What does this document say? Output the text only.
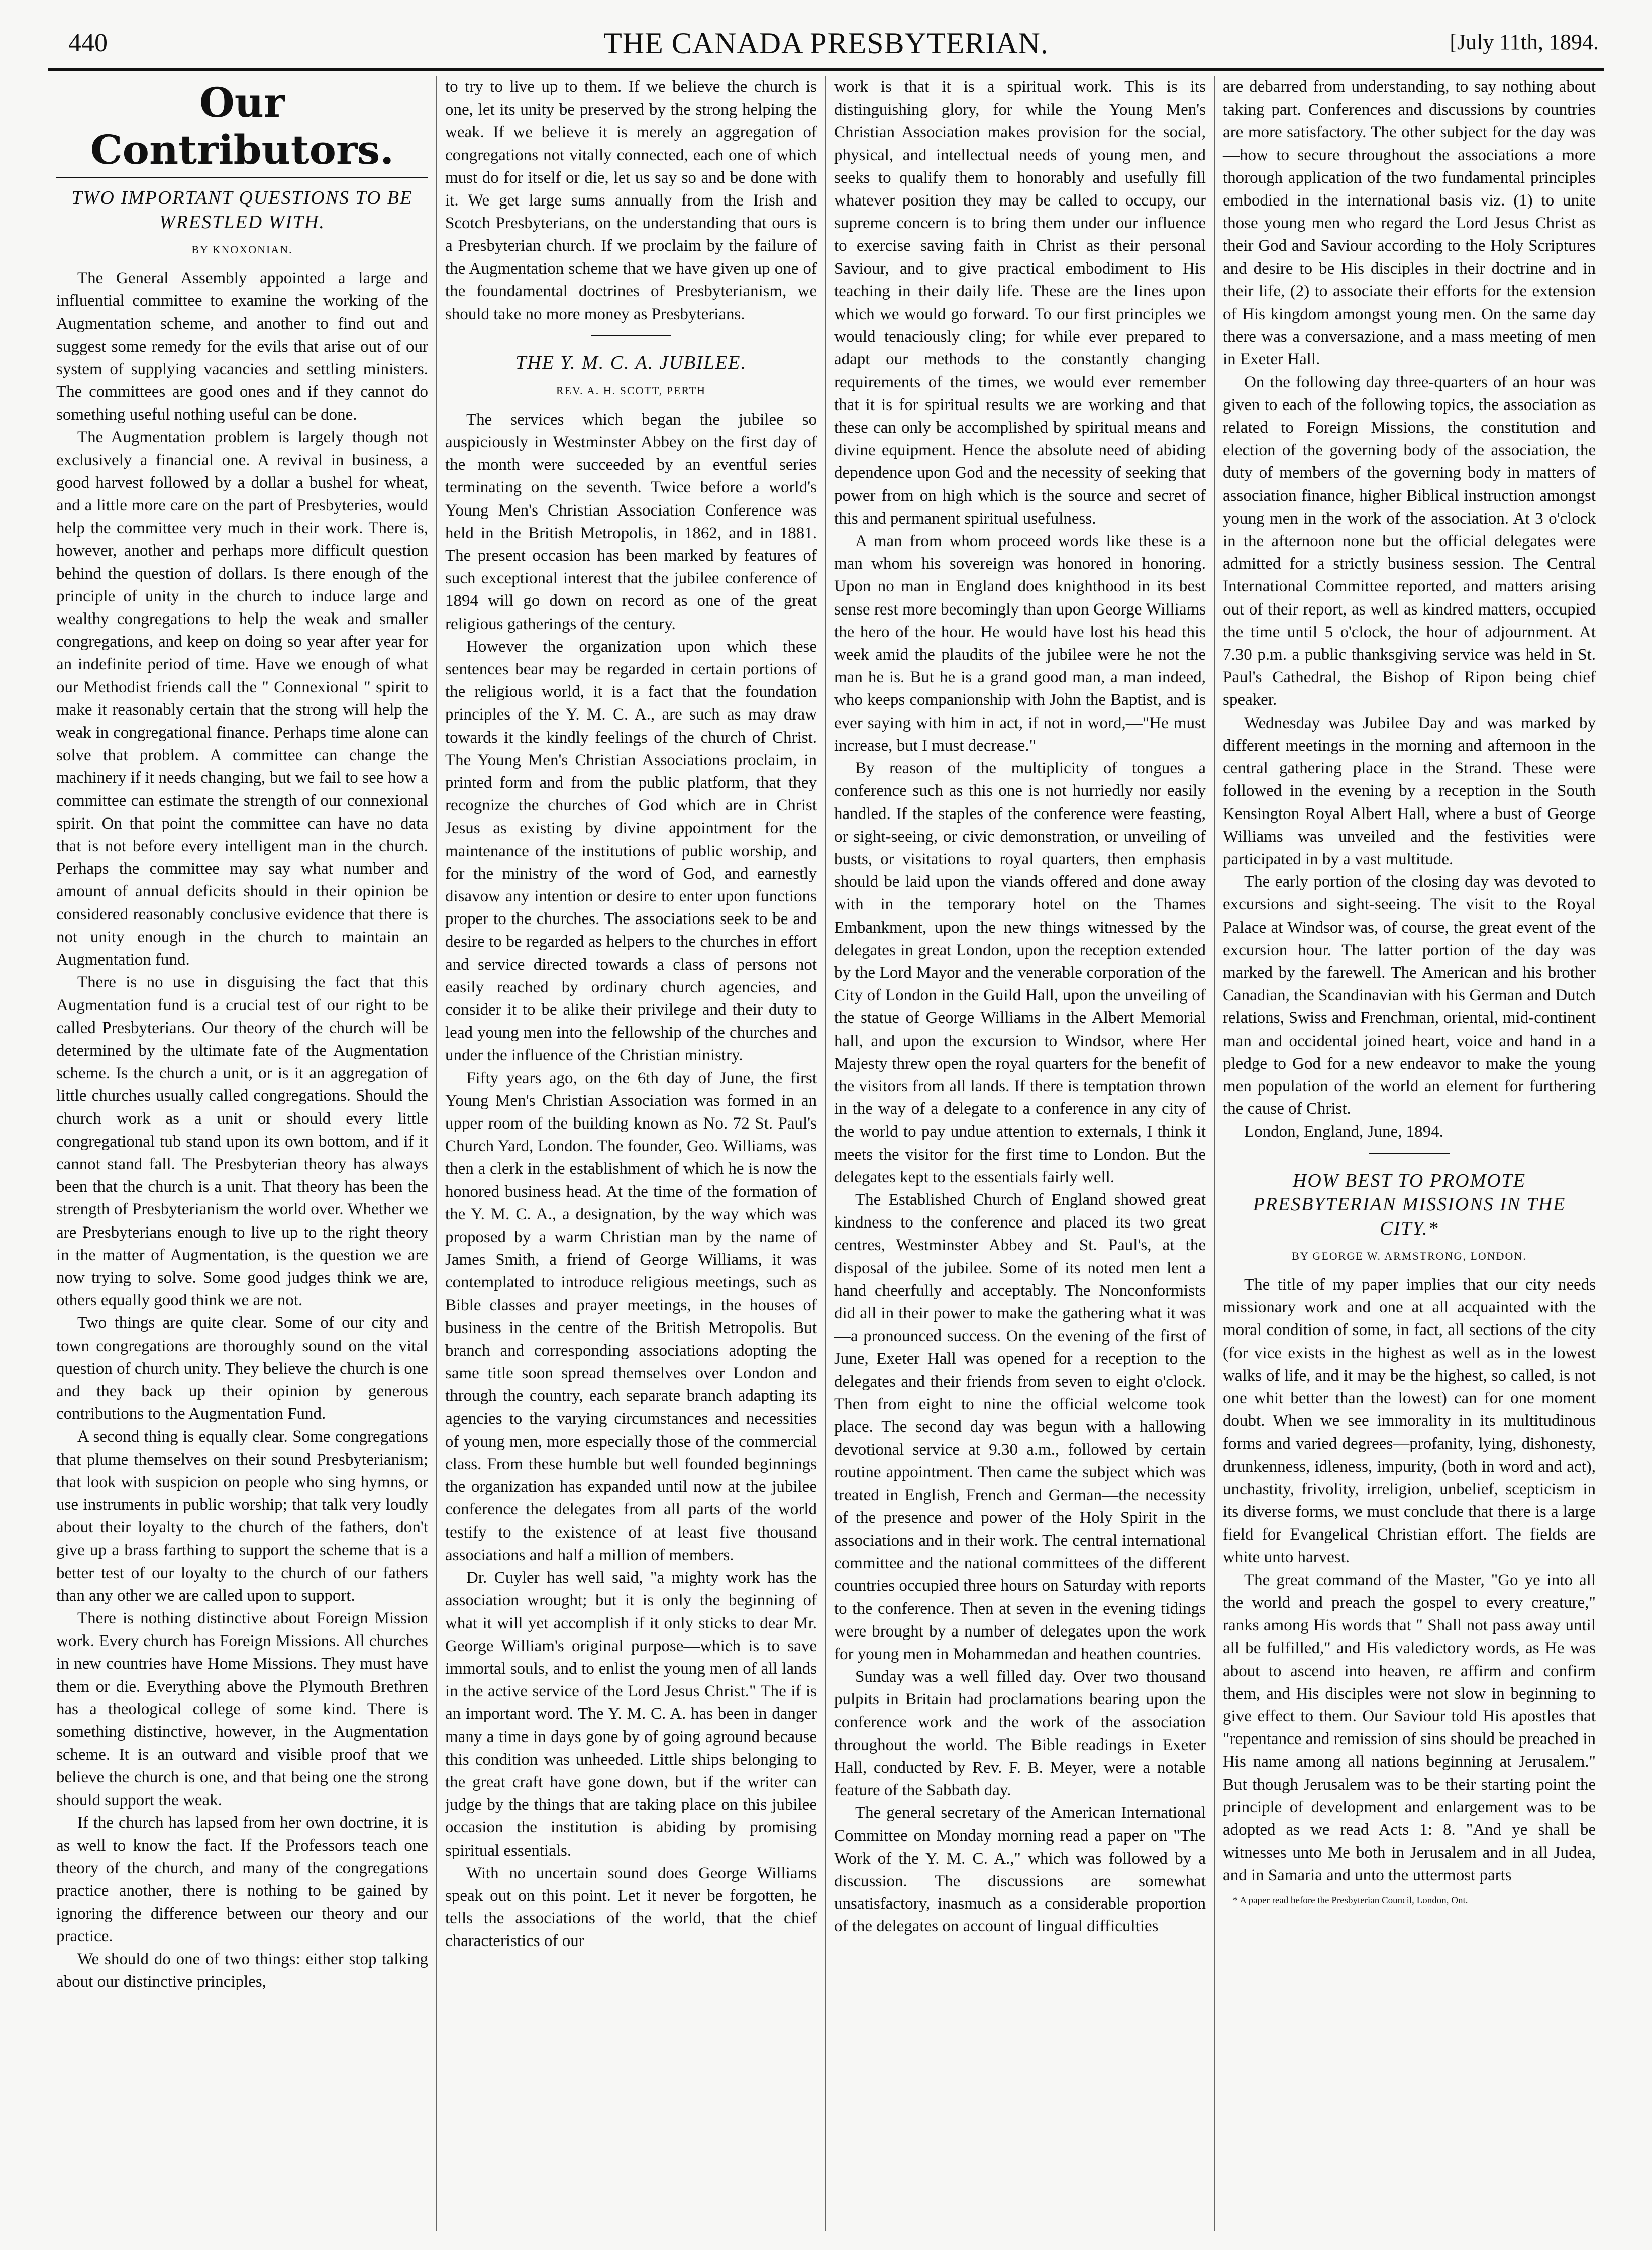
440	THE CANADA PRESBYTERIAN.	[July 11th, 1894.
Our Contributors.
TWO IMPORTANT QUESTIONS TO BE WRESTLED WITH.
BY KNOXONIAN.

The General Assembly appointed a large and influential committee to examine the working of the Augmentation scheme, and another to find out and suggest some remedy for the evils that arise out of our system of supplying vacancies and settling ministers. The committees are good ones and if they cannot do something useful nothing useful can be done.

The Augmentation problem is largely though not exclusively a financial one. A revival in business, a good harvest followed by a dollar a bushel for wheat, and a little more care on the part of Presbyteries, would help the committee very much in their work. There is, however, another and perhaps more difficult question behind the question of dollars. Is there enough of the principle of unity in the church to induce large and wealthy congregations to help the weak and smaller congregations, and keep on doing so year after year for an indefinite period of time. Have we enough of what our Methodist friends call the " Connexional " spirit to make it reasonably certain that the strong will help the weak in congregational finance. Perhaps time alone can solve that problem. A committee can change the machinery if it needs changing, but we fail to see how a committee can estimate the strength of our connexional spirit. On that point the committee can have no data that is not before every intelligent man in the church. Perhaps the committee may say what number and amount of annual deficits should in their opinion be considered reasonably conclusive evidence that there is not unity enough in the church to maintain an Augmentation fund.

There is no use in disguising the fact that this Augmentation fund is a crucial test of our right to be called Presbyterians. Our theory of the church will be determined by the ultimate fate of the Augmentation scheme. Is the church a unit, or is it an aggregation of little churches usually called congregations. Should the church work as a unit or should every little congregational tub stand upon its own bottom, and if it cannot stand fall. The Presbyterian theory has always been that the church is a unit. That theory has been the strength of Presbyterianism the world over. Whether we are Presbyterians enough to live up to the right theory in the matter of Augmentation, is the question we are now trying to solve. Some good judges think we are, others equally good think we are not.

Two things are quite clear. Some of our city and town congregations are thoroughly sound on the vital question of church unity. They believe the church is one and they back up their opinion by generous contributions to the Augmentation Fund.

A second thing is equally clear. Some congregations that plume themselves on their sound Presbyterianism; that look with suspicion on people who sing hymns, or use instruments in public worship; that talk very loudly about their loyalty to the church of the fathers, don't give up a brass farthing to support the scheme that is a better test of our loyalty to the church of our fathers than any other we are called upon to support.

There is nothing distinctive about Foreign Mission work. Every church has Foreign Missions. All churches in new countries have Home Missions. They must have them or die. Everything above the Plymouth Brethren has a theological college of some kind. There is something distinctive, however, in the Augmentation scheme. It is an outward and visible proof that we believe the church is one, and that being one the strong should support the weak.

If the church has lapsed from her own doctrine, it is as well to know the fact. If the Professors teach one theory of the church, and many of the congregations practice another, there is nothing to be gained by ignoring the difference between our theory and our practice.

We should do one of two things: either stop talking about our distinctive principles,

to try to live up to them. If we believe the church is one, let its unity be preserved by the strong helping the weak. If we believe it is merely an aggregation of congregations not vitally connected, each one of which must do for itself or die, let us say so and be done with it. We get large sums annually from the Irish and Scotch Presbyterians, on the understanding that ours is a Presbyterian church. If we proclaim by the failure of the Augmentation scheme that we have given up one of the foundamental doctrines of Presbyterianism, we should take no more money as Presbyterians.

THE Y. M. C. A. JUBILEE.
REV. A. H. SCOTT, PERTH

The services which began the jubilee so auspiciously in Westminster Abbey on the first day of the month were succeeded by an eventful series terminating on the seventh. Twice before a world's Young Men's Christian Association Conference was held in the British Metropolis, in 1862, and in 1881. The present occasion has been marked by features of such exceptional interest that the jubilee conference of 1894 will go down on record as one of the great religious gatherings of the century.

However the organization upon which these sentences bear may be regarded in certain portions of the religious world, it is a fact that the foundation principles of the Y. M. C. A., are such as may draw towards it the kindly feelings of the church of Christ. The Young Men's Christian Associations proclaim, in printed form and from the public platform, that they recognize the churches of God which are in Christ Jesus as existing by divine appointment for the maintenance of the institutions of public worship, and for the ministry of the word of God, and earnestly disavow any intention or desire to enter upon functions proper to the churches. The associations seek to be and desire to be regarded as helpers to the churches in effort and service directed towards a class of persons not easily reached by ordinary church agencies, and consider it to be alike their privilege and their duty to lead young men into the fellowship of the churches and under the influence of the Christian ministry.

Fifty years ago, on the 6th day of June, the first Young Men's Christian Association was formed in an upper room of the building known as No. 72 St. Paul's Church Yard, London. The founder, Geo. Williams, was then a clerk in the establishment of which he is now the honored business head. At the time of the formation of the Y. M. C. A., a designation, by the way which was proposed by a warm Christian man by the name of James Smith, a friend of George Williams, it was contemplated to introduce religious meetings, such as Bible classes and prayer meetings, in the houses of business in the centre of the British Metropolis. But branch and corresponding associations adopting the same title soon spread themselves over London and through the country, each separate branch adapting its agencies to the varying circumstances and necessities of young men, more especially those of the commercial class. From these humble but well founded beginnings the organization has expanded until now at the jubilee conference the delegates from all parts of the world testify to the existence of at least five thousand associations and half a million of members.

Dr. Cuyler has well said, "a mighty work has the association wrought; but it is only the beginning of what it will yet accomplish if it only sticks to dear Mr. George William's original purpose—which is to save immortal souls, and to enlist the young men of all lands in the active service of the Lord Jesus Christ." The if is an important word. The Y. M. C. A. has been in danger many a time in days gone by of going aground because this condition was unheeded. Little ships belonging to the great craft have gone down, but if the writer can judge by the things that are taking place on this jubilee occasion the institution is abiding by promising spiritual essentials.

With no uncertain sound does George Williams speak out on this point. Let it never be forgotten, he tells the associations of the world, that the chief characteristics of our

work is that it is a spiritual work. This is its distinguishing glory, for while the Young Men's Christian Association makes provision for the social, physical, and intellectual needs of young men, and seeks to qualify them to honorably and usefully fill whatever position they may be called to occupy, our supreme concern is to bring them under our influence to exercise saving faith in Christ as their personal Saviour, and to give practical embodiment to His teaching in their daily life. These are the lines upon which we would go forward. To our first principles we would tenaciously cling; for while ever prepared to adapt our methods to the constantly changing requirements of the times, we would ever remember that it is for spiritual results we are working and that these can only be accomplished by spiritual means and divine equipment. Hence the absolute need of abiding dependence upon God and the necessity of seeking that power from on high which is the source and secret of this and permanent spiritual usefulness.

A man from whom proceed words like these is a man whom his sovereign was honored in honoring. Upon no man in England does knighthood in its best sense rest more becomingly than upon George Williams the hero of the hour. He would have lost his head this week amid the plaudits of the jubilee were he not the man he is. But he is a grand good man, a man indeed, who keeps companionship with John the Baptist, and is ever saying with him in act, if not in word,—"He must increase, but I must decrease."

By reason of the multiplicity of tongues a conference such as this one is not hurriedly nor easily handled. If the staples of the conference were feasting, or sight-seeing, or civic demonstration, or unveiling of busts, or visitations to royal quarters, then emphasis should be laid upon the viands offered and done away with in the temporary hotel on the Thames Embankment, upon the new things witnessed by the delegates in great London, upon the reception extended by the Lord Mayor and the venerable corporation of the City of London in the Guild Hall, upon the unveiling of the statue of George Williams in the Albert Memorial hall, and upon the excursion to Windsor, where Her Majesty threw open the royal quarters for the benefit of the visitors from all lands. If there is temptation thrown in the way of a delegate to a conference in any city of the world to pay undue attention to externals, I think it meets the visitor for the first time to London. But the delegates kept to the essentials fairly well.

The Established Church of England showed great kindness to the conference and placed its two great centres, Westminster Abbey and St. Paul's, at the disposal of the jubilee. Some of its noted men lent a hand cheerfully and acceptably. The Nonconformists did all in their power to make the gathering what it was—a pronounced success. On the evening of the first of June, Exeter Hall was opened for a reception to the delegates and their friends from seven to eight o'clock. Then from eight to nine the official welcome took place. The second day was begun with a hallowing devotional service at 9.30 a.m., followed by certain routine appointment. Then came the subject which was treated in English, French and German—the necessity of the presence and power of the Holy Spirit in the associations and in their work. The central international committee and the national committees of the different countries occupied three hours on Saturday with reports to the conference. Then at seven in the evening tidings were brought by a number of delegates upon the work for young men in Mohammedan and heathen countries.

Sunday was a well filled day. Over two thousand pulpits in Britain had proclamations bearing upon the conference work and the work of the association throughout the world. The Bible readings in Exeter Hall, conducted by Rev. F. B. Meyer, were a notable feature of the Sabbath day.

The general secretary of the American International Committee on Monday morning read a paper on "The Work of the Y. M. C. A.," which was followed by a discussion. The discussions are somewhat unsatisfactory, inasmuch as a considerable proportion of the delegates on account of lingual difficulties

are debarred from understanding, to say nothing about taking part. Conferences and discussions by countries are more satisfactory. The other subject for the day was—how to secure throughout the associations a more thorough application of the two fundamental principles embodied in the international basis viz. (1) to unite those young men who regard the Lord Jesus Christ as their God and Saviour according to the Holy Scriptures and desire to be His disciples in their doctrine and in their life, (2) to associate their efforts for the extension of His kingdom amongst young men. On the same day there was a conversazione, and a mass meeting of men in Exeter Hall.

On the following day three-quarters of an hour was given to each of the following topics, the association as related to Foreign Missions, the constitution and election of the governing body of the association, the duty of members of the governing body in matters of association finance, higher Biblical instruction amongst young men in the work of the association. At 3 o'clock in the afternoon none but the official delegates were admitted for a strictly business session. The Central International Committee reported, and matters arising out of their report, as well as kindred matters, occupied the time until 5 o'clock, the hour of adjournment. At 7.30 p.m. a public thanksgiving service was held in St. Paul's Cathedral, the Bishop of Ripon being chief speaker.

Wednesday was Jubilee Day and was marked by different meetings in the morning and afternoon in the central gathering place in the Strand. These were followed in the evening by a reception in the South Kensington Royal Albert Hall, where a bust of George Williams was unveiled and the festivities were participated in by a vast multitude.

The early portion of the closing day was devoted to excursions and sight-seeing. The visit to the Royal Palace at Windsor was, of course, the great event of the excursion hour. The latter portion of the day was marked by the farewell. The American and his brother Canadian, the Scandinavian with his German and Dutch relations, Swiss and Frenchman, oriental, mid-continent man and occidental joined heart, voice and hand in a pledge to God for a new endeavor to make the young men population of the world an element for furthering the cause of Christ.

London, England, June, 1894.

HOW BEST TO PROMOTE PRESBYTERIAN MISSIONS IN THE CITY.*
BY GEORGE W. ARMSTRONG, LONDON.

The title of my paper implies that our city needs missionary work and one at all acquainted with the moral condition of some, in fact, all sections of the city (for vice exists in the highest as well as in the lowest walks of life, and it may be the highest, so called, is not one whit better than the lowest) can for one moment doubt. When we see immorality in its multitudinous forms and varied degrees—profanity, lying, dishonesty, drunkenness, idleness, impurity, (both in word and act), unchastity, frivolity, irreligion, unbelief, scepticism in its diverse forms, we must conclude that there is a large field for Evangelical Christian effort. The fields are white unto harvest.

The great command of the Master, "Go ye into all the world and preach the gospel to every creature," ranks among His words that " Shall not pass away until all be fulfilled," and His valedictory words, as He was about to ascend into heaven, re affirm and confirm them, and His disciples were not slow in beginning to give effect to them. Our Saviour told His apostles that "repentance and remission of sins should be preached in His name among all nations beginning at Jerusalem." But though Jerusalem was to be their starting point the principle of development and enlargement was to be adopted as we read Acts 1: 8. "And ye shall be witnesses unto Me both in Jerusalem and in all Judea, and in Samaria and unto the uttermost parts

* A paper read before the Presbyterian Council, London, Ont.
